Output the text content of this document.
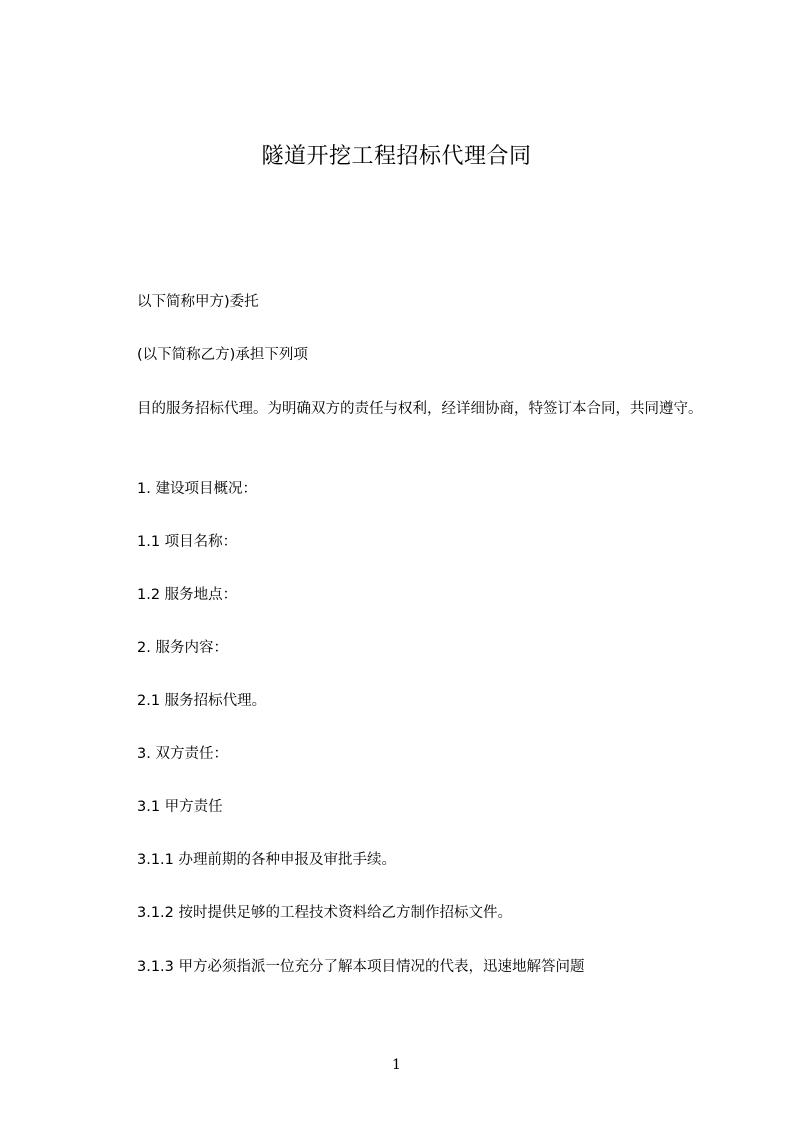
隧道开挖工程招标代理合同
以下简称甲方)委托
(以下简称乙方)承担下列项
目的服务招标代理。为明确双方的责任与权利，经详细协商，特签订本合同，共同遵守。
1. 建设项目概况：
1.1 项目名称：
1.2 服务地点：
2. 服务内容：
2.1 服务招标代理。
3. 双方责任：
3.1 甲方责任
3.1.1 办理前期的各种申报及审批手续。
3.1.2 按时提供足够的工程技术资料给乙方制作招标文件。
3.1.3 甲方必须指派一位充分了解本项目情况的代表，迅速地解答问题
1
